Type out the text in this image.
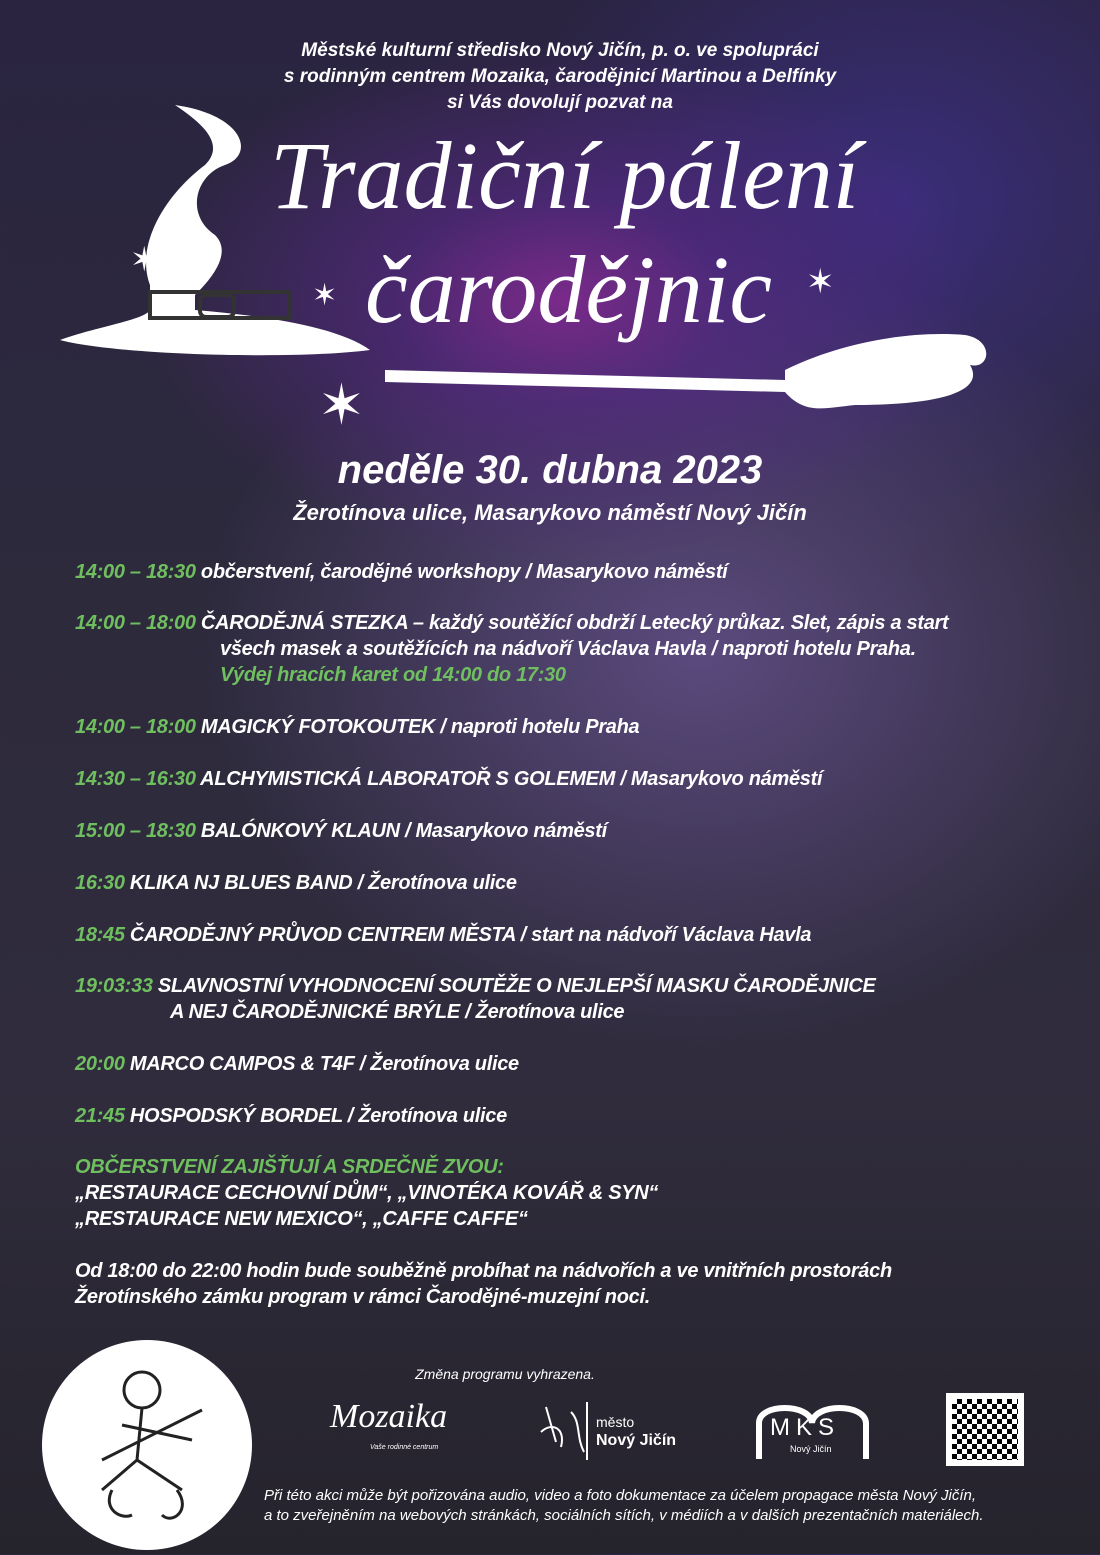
Městské kulturní středisko Nový Jičín, p. o. ve spolupráci
s rodinným centrem Mozaika, čarodějnicí Martinou a Delfínky
si Vás dovolují pozvat na
✶
✶	✶
✶
Tradiční pálení
čarodějnic
neděle 30. dubna 2023
Žerotínova ulice, Masarykovo náměstí Nový Jičín
14:00 – 18:30 občerstvení, čarodějné workshopy / Masarykovo náměstí
14:00 – 18:00 ČARODĚJNÁ STEZKA – každý soutěžící obdrží Letecký průkaz. Slet, zápis a start
všech masek a soutěžících na nádvoří Václava Havla / naproti hotelu Praha.
Výdej hracích karet od 14:00 do 17:30
14:00 – 18:00 MAGICKÝ FOTOKOUTEK / naproti hotelu Praha
14:30 – 16:30 ALCHYMISTICKÁ LABORATOŘ S GOLEMEM / Masarykovo náměstí
15:00 – 18:30 BALÓNKOVÝ KLAUN / Masarykovo náměstí
16:30 KLIKA NJ BLUES BAND / Žerotínova ulice
18:45 ČARODĚJNÝ PRŮVOD CENTREM MĚSTA / start na nádvoří Václava Havla
19:03:33 SLAVNOSTNÍ VYHODNOCENÍ SOUTĚŽE O NEJLEPŠÍ MASKU ČARODĚJNICE
A NEJ ČARODĚJNICKÉ BRÝLE / Žerotínova ulice
20:00 MARCO CAMPOS & T4F / Žerotínova ulice
21:45 HOSPODSKÝ BORDEL / Žerotínova ulice
OBČERSTVENÍ ZAJIŠŤUJÍ A SRDEČNĚ ZVOU:
„RESTAURACE CECHOVNÍ DŮM“, „VINOTÉKA KOVÁŘ & SYN“
„RESTAURACE NEW MEXICO“, „CAFFE CAFFE“
Od 18:00 do 22:00 hodin bude souběžně probíhat na nádvořích a ve vnitřních prostorách
Žerotínského zámku program v rámci Čarodějné-muzejní noci.
Změna programu vyhrazena.
Mozaika
Vaše rodinné centrum
město
Nový Jičín	MKS
Nový Jičín
Při této akci může být pořizována audio, video a foto dokumentace za účelem propagace města Nový Jičín,
a to zveřejněním na webových stránkách, sociálních sítích, v médiích a v dalších prezentačních materiálech.
